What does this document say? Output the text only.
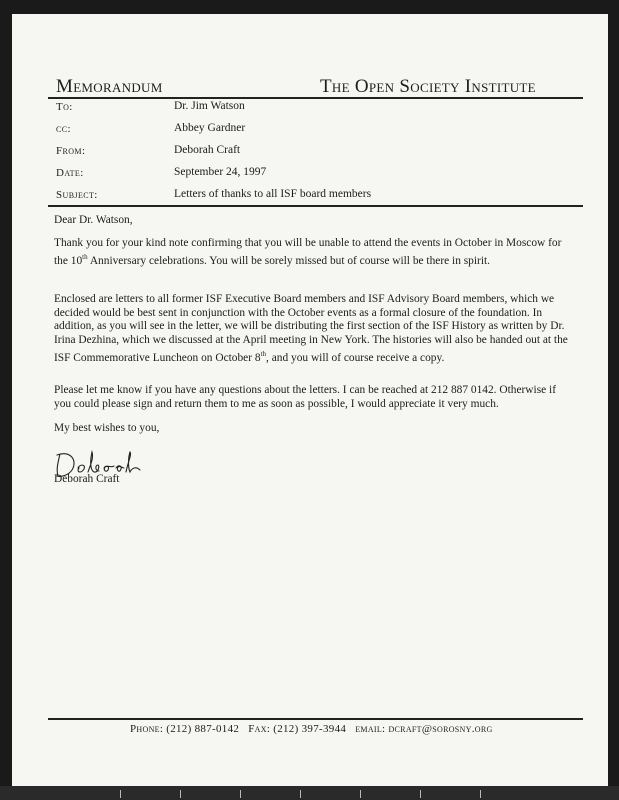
Memorandum	The Open Society Institute
To:	Dr. Jim Watson
cc:	Abbey Gardner
From:	Deborah Craft
Date:	September 24, 1997
Subject:	Letters of thanks to all ISF board members

Dear Dr. Watson,

Thank you for your kind note confirming that you will be unable to attend the events in October in Moscow for the 10th Anniversary celebrations. You will be sorely missed but of course will be there in spirit.

Enclosed are letters to all former ISF Executive Board members and ISF Advisory Board members, which we decided would be best sent in conjunction with the October events as a formal closure of the foundation. In addition, as you will see in the letter, we will be distributing the first section of the ISF History as written by Dr. Irina Dezhina, which we discussed at the April meeting in New York. The histories will also be handed out at the ISF Commemorative Luncheon on October 8th, and you will of course receive a copy.

Please let me know if you have any questions about the letters. I can be reached at 212 887 0142. Otherwise if you could please sign and return them to me as soon as possible, I would appreciate it very much.

My best wishes to you,

Deborah Craft
Phone: (212) 887-0142 Fax: (212) 397-3944 email: dcraft@sorosny.org
